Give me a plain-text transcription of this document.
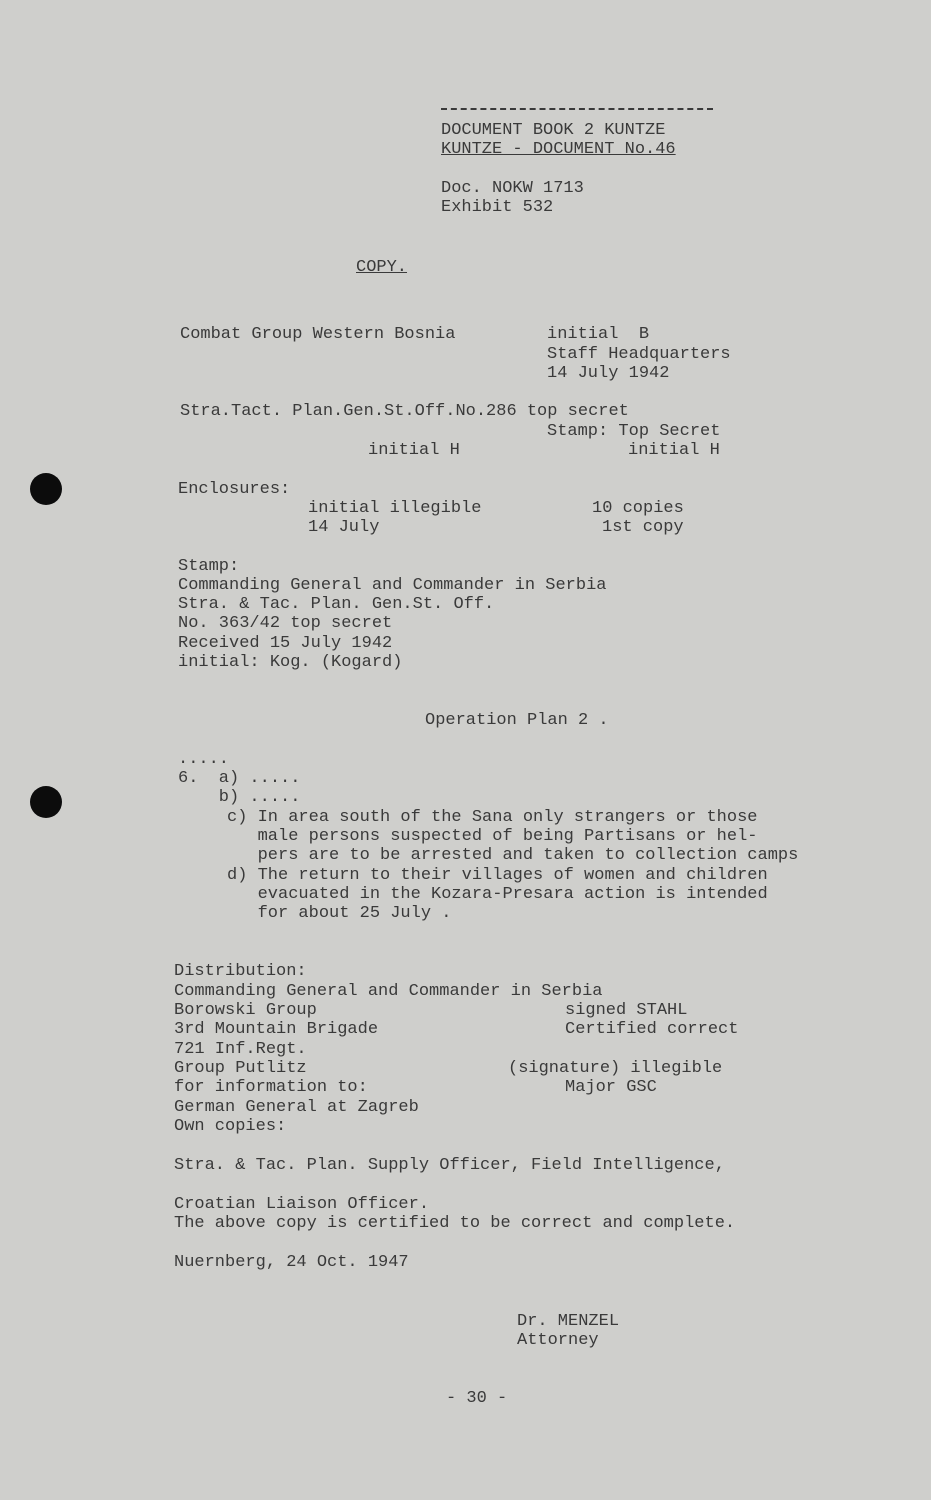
DOCUMENT BOOK 2 KUNTZE
KUNTZE - DOCUMENT No.46
Doc. NOKW 1713
Exhibit 532
COPY.
Combat Group Western Bosnia	initial  B
Staff Headquarters
14 July 1942
Stra.Tact. Plan.Gen.St.Off.No.286 top secret
Stamp: Top Secret
initial H	initial H
Enclosures:
initial illegible
14 July
10 copies
1st copy
Stamp:
Commanding General and Commander in Serbia
Stra. & Tac. Plan. Gen.St. Off.
No. 363/42 top secret
Received 15 July 1942
initial: Kog. (Kogard)
Operation Plan 2 .
.....
6.  a) .....
b) .....
c) In area south of the Sana only strangers or those
male persons suspected of being Partisans or hel-
pers are to be arrested and taken to collection camps
d) The return to their villages of women and children
evacuated in the Kozara-Presara action is intended
for about 25 July .
Distribution:
Commanding General and Commander in Serbia
Borowski Group
3rd Mountain Brigade
721 Inf.Regt.
Group Putlitz
for information to:
German General at Zagreb
Own copies:
signed STAHL
Certified correct
(signature) illegible
Major GSC
Stra. & Tac. Plan. Supply Officer, Field Intelligence,
Croatian Liaison Officer.
The above copy is certified to be correct and complete.
Nuernberg, 24 Oct. 1947
Dr. MENZEL
Attorney
- 30 -
